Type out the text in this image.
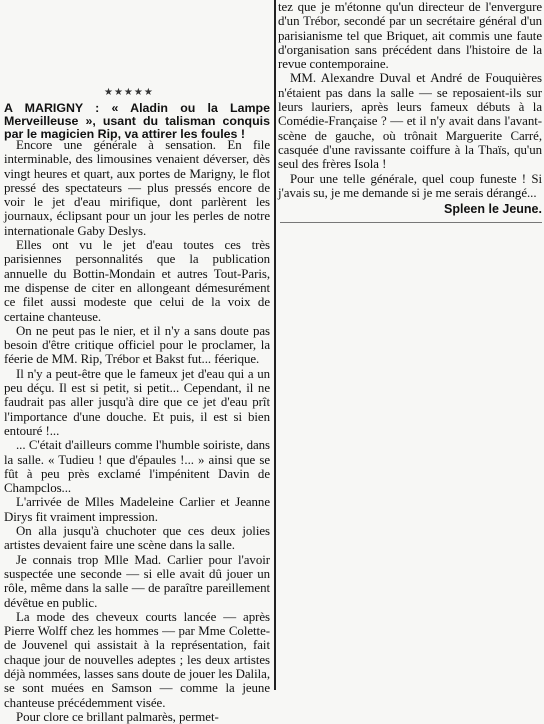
★★★★★
A MARIGNY : « Aladin ou la Lampe Merveilleuse », usant du talisman conquis par le magicien Rip, va attirer les foules !

Encore une générale à sensation. En file interminable, des limousines venaient déverser, dès vingt heures et quart, aux portes de Marigny, le flot pressé des spectateurs — plus pressés encore de voir le jet d'eau mirifique, dont parlèrent les journaux, éclipsant pour un jour les perles de notre internationale Gaby Deslys.

Elles ont vu le jet d'eau toutes ces très parisiennes personnalités que la publication annuelle du Bottin-Mondain et autres Tout-Paris, me dispense de citer en allongeant démesurément ce filet aussi modeste que celui de la voix de certaine chanteuse.

On ne peut pas le nier, et il n'y a sans doute pas besoin d'être critique officiel pour le proclamer, la féerie de MM. Rip, Trébor et Bakst fut... féerique.

Il n'y a peut-être que le fameux jet d'eau qui a un peu déçu. Il est si petit, si petit... Cependant, il ne faudrait pas aller jusqu'à dire que ce jet d'eau prît l'importance d'une douche. Et puis, il est si bien entouré !...

... C'était d'ailleurs comme l'humble soiriste, dans la salle. « Tudieu ! que d'épaules !... » ainsi que se fût à peu près exclamé l'impénitent Davin de Champclos...

L'arrivée de Mlles Madeleine Carlier et Jeanne Dirys fit vraiment impression.

On alla jusqu'à chuchoter que ces deux jolies artistes devaient faire une scène dans la salle.

Je connais trop Mlle Mad. Carlier pour l'avoir suspectée une seconde — si elle avait dû jouer un rôle, même dans la salle — de paraître pareillement dévêtue en public.

La mode des cheveux courts lancée — après Pierre Wolff chez les hommes — par Mme Colette-de Jouvenel qui assistait à la représentation, fait chaque jour de nouvelles adeptes ; les deux artistes déjà nommées, lasses sans doute de jouer les Dalila, se sont muées en Samson — comme la jeune chanteuse précédemment visée.

Pour clore ce brillant palmarès, permet-

tez que je m'étonne qu'un directeur de l'envergure d'un Trébor, secondé par un secrétaire général d'un parisianisme tel que Briquet, ait commis une faute d'organisation sans précédent dans l'histoire de la revue contemporaine.

MM. Alexandre Duval et André de Fouquières n'étaient pas dans la salle — se reposaient-ils sur leurs lauriers, après leurs fameux débuts à la Comédie-Française ? — et il n'y avait dans l'avant-scène de gauche, où trônait Marguerite Carré, casquée d'une ravissante coiffure à la Thaïs, qu'un seul des frères Isola !

Pour une telle générale, quel coup funeste ! Si j'avais su, je me demande si je me serais dérangé...

Spleen le Jeune.
